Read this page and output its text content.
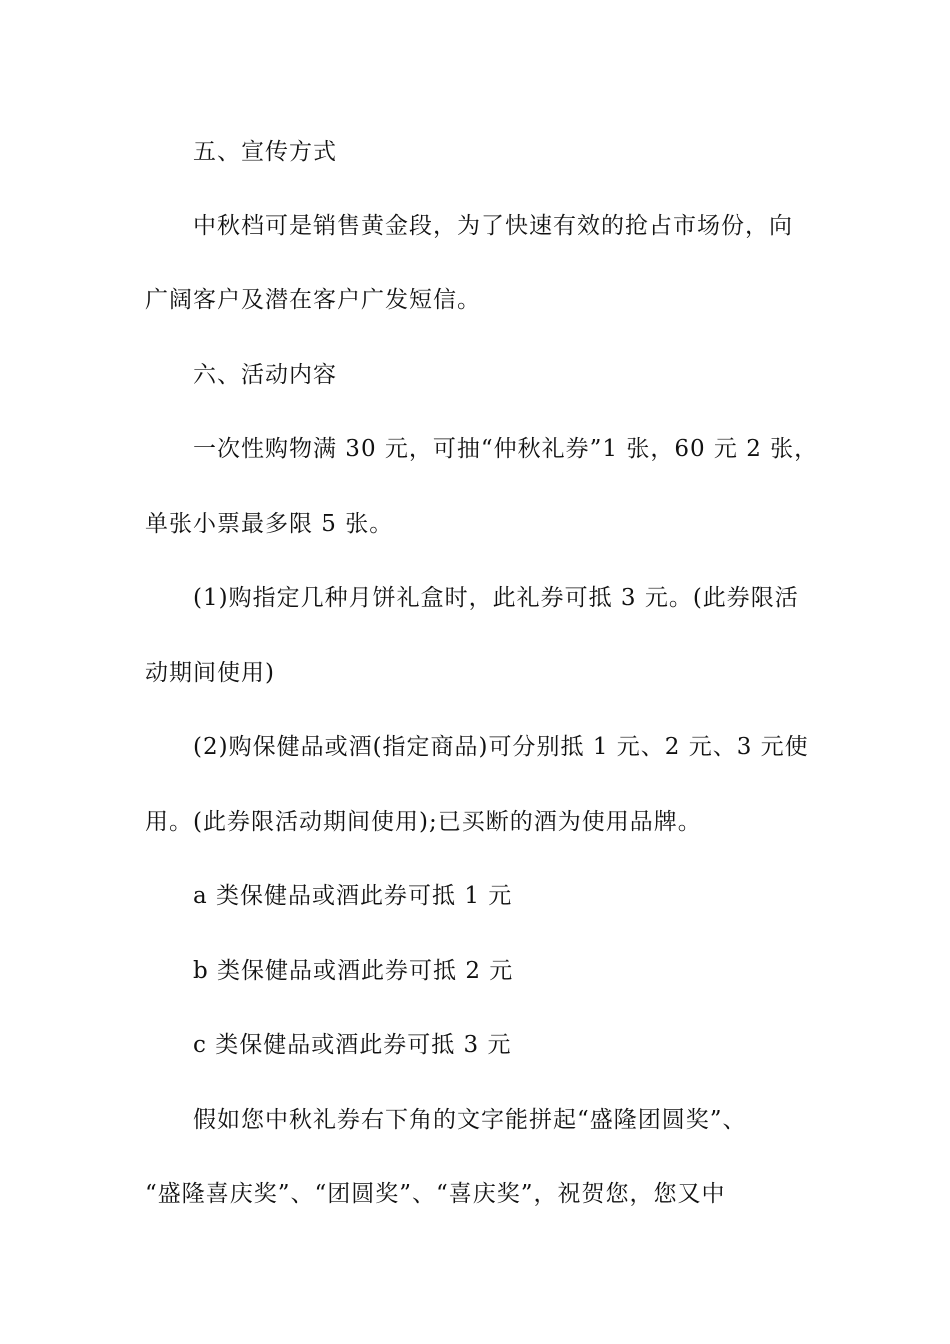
五、宣传方式
中秋档可是销售黄金段，为了快速有效的抢占市场份，向
广阔客户及潜在客户广发短信。
六、活动内容
一次性购物满 30 元，可抽“仲秋礼券”1 张，60 元 2 张，
单张小票最多限 5 张。
(1)购指定几种月饼礼盒时，此礼券可抵 3 元。(此券限活
动期间使用)
(2)购保健品或酒(指定商品)可分别抵 1 元、2 元、3 元使
用。(此券限活动期间使用);已买断的酒为使用品牌。
a 类保健品或酒此券可抵 1 元
b 类保健品或酒此券可抵 2 元
c 类保健品或酒此券可抵 3 元
假如您中秋礼券右下角的文字能拼起“盛隆团圆奖”、
“盛隆喜庆奖”、“团圆奖”、“喜庆奖”，祝贺您，您又中
